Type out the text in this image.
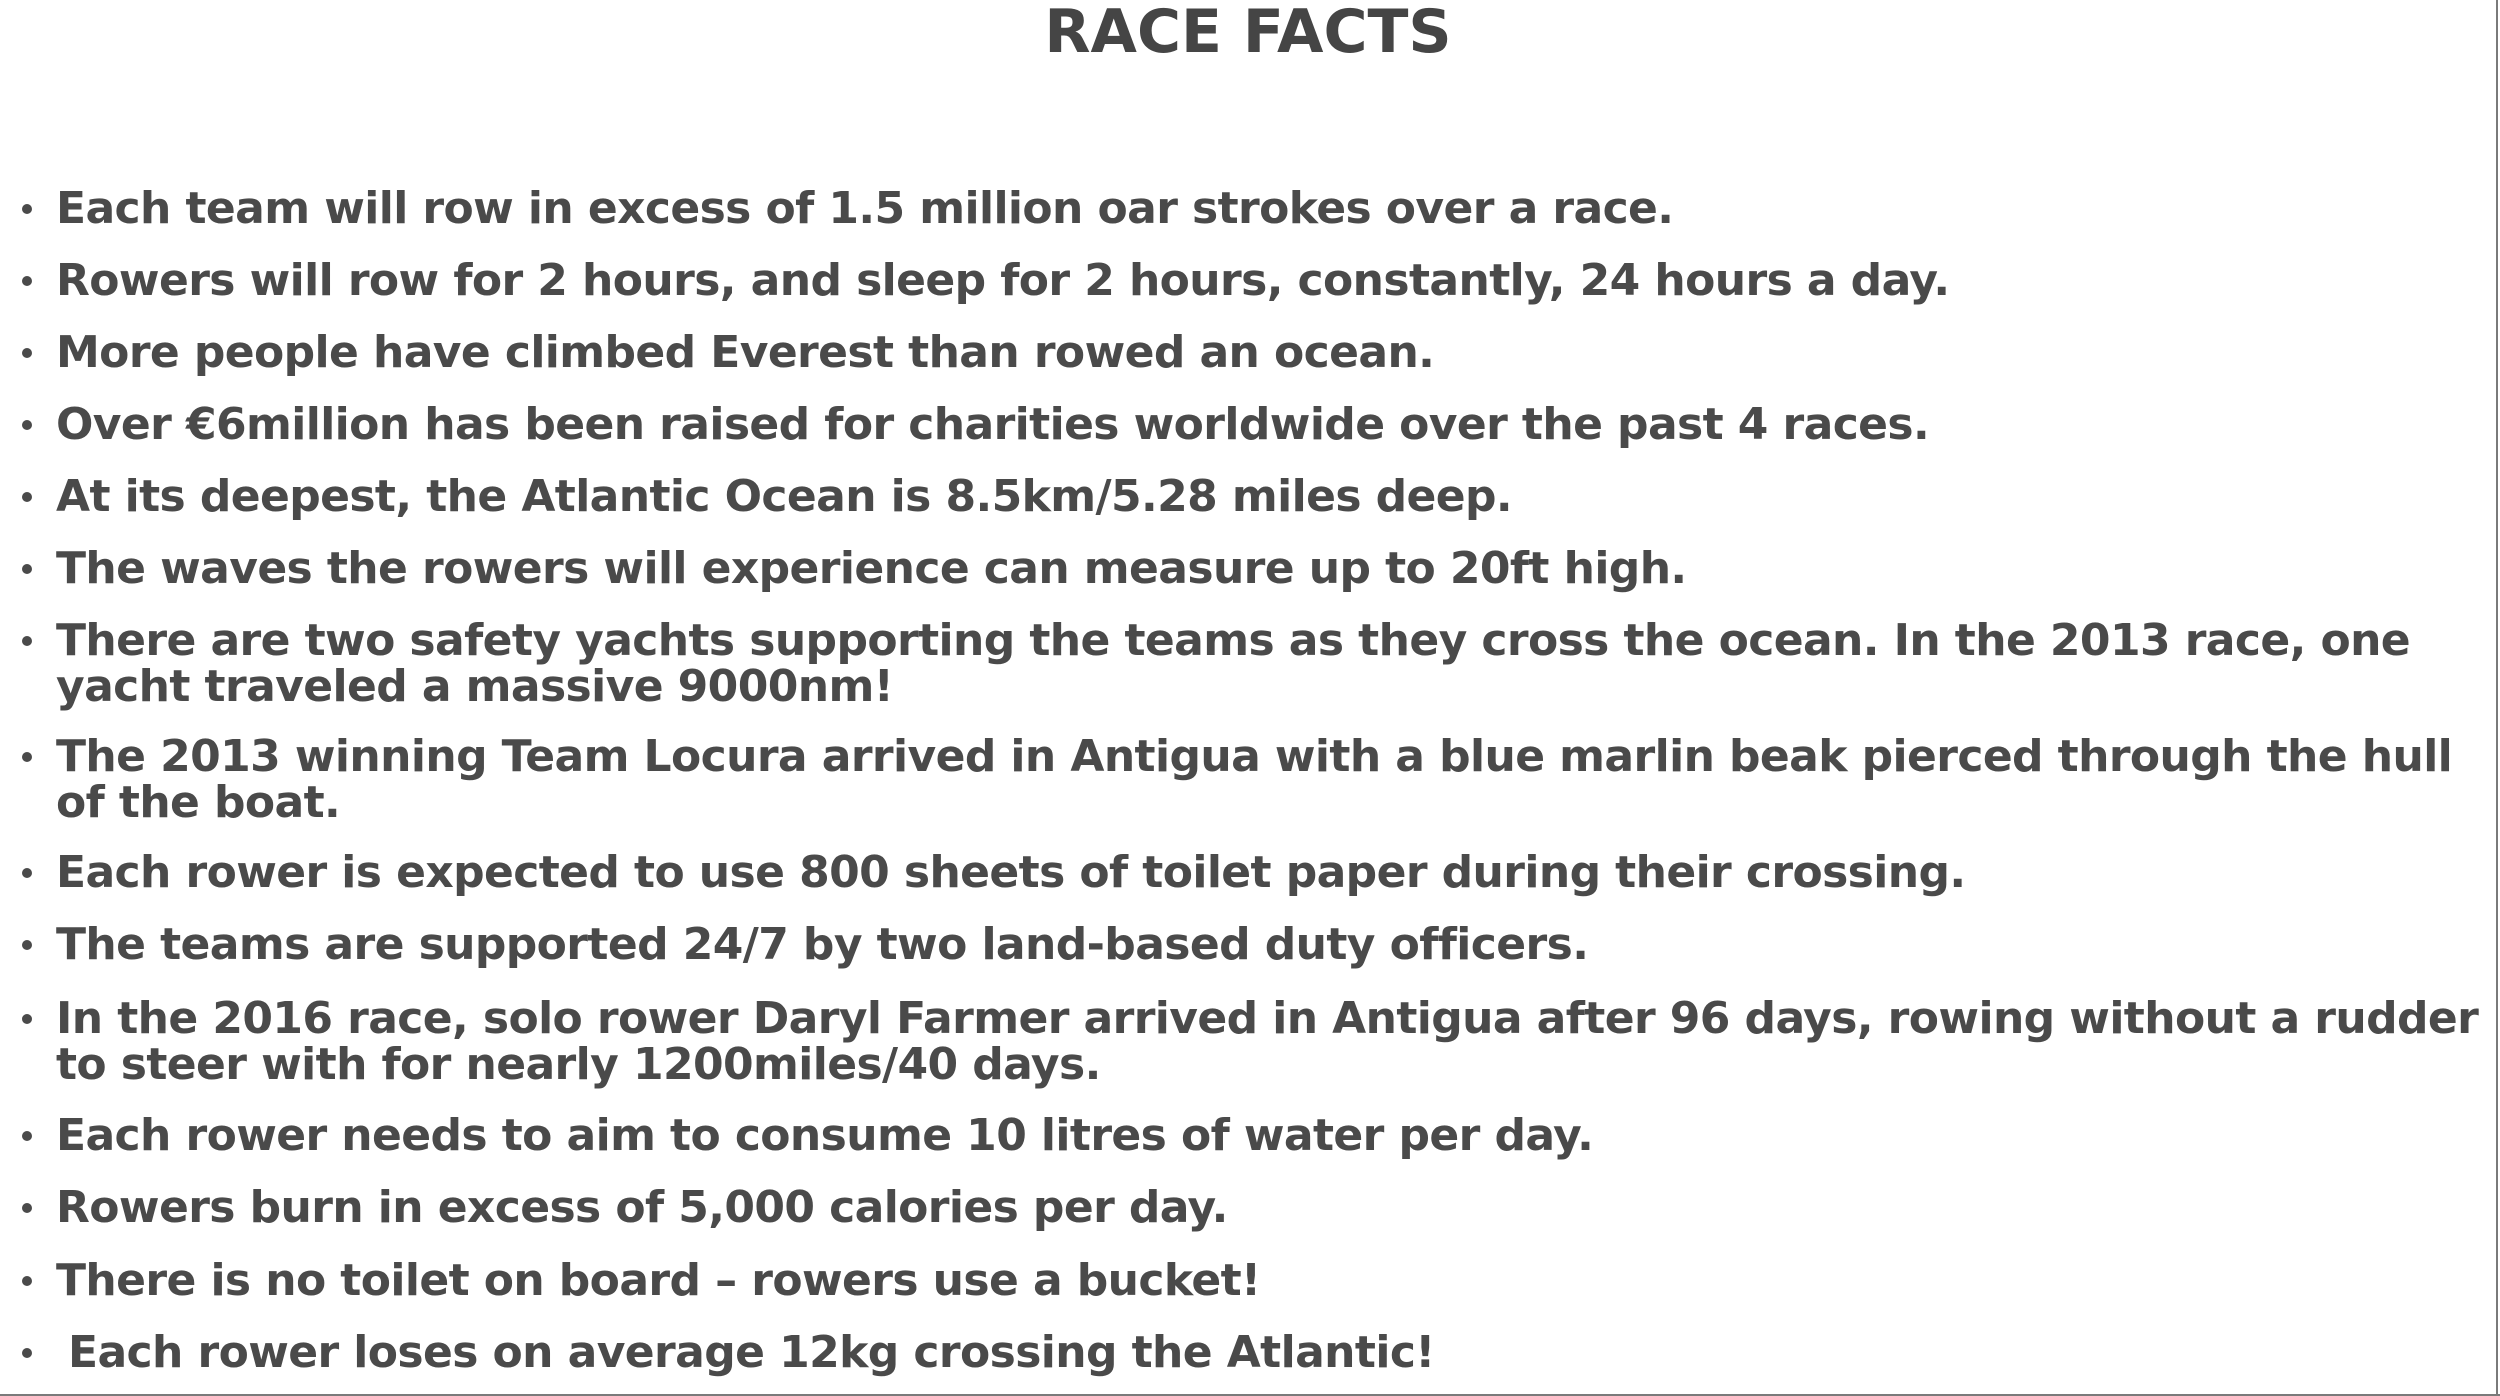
RACE FACTS
Each team will row in excess of 1.5 million oar strokes over a race.
Rowers will row for 2 hours, and sleep for 2 hours, constantly, 24 hours a day.
More people have climbed Everest than rowed an ocean.
Over €6million has been raised for charities worldwide over the past 4 races.
At its deepest, the Atlantic Ocean is 8.5km/5.28 miles deep.
The waves the rowers will experience can measure up to 20ft high.
There are two safety yachts supporting the teams as they cross the ocean. In the 2013 race, one yacht traveled a massive 9000nm!
The 2013 winning Team Locura arrived in Antigua with a blue marlin beak pierced through the hull of the boat.
Each rower is expected to use 800 sheets of toilet paper during their crossing.
The teams are supported 24/7 by two land-based duty officers.
In the 2016 race, solo rower Daryl Farmer arrived in Antigua after 96 days, rowing without a rudder to steer with for nearly 1200miles/40 days.
Each rower needs to aim to consume 10 litres of water per day.
Rowers burn in excess of 5,000 calories per day.
There is no toilet on board – rowers use a bucket!
Each rower loses on average 12kg crossing the Atlantic!
